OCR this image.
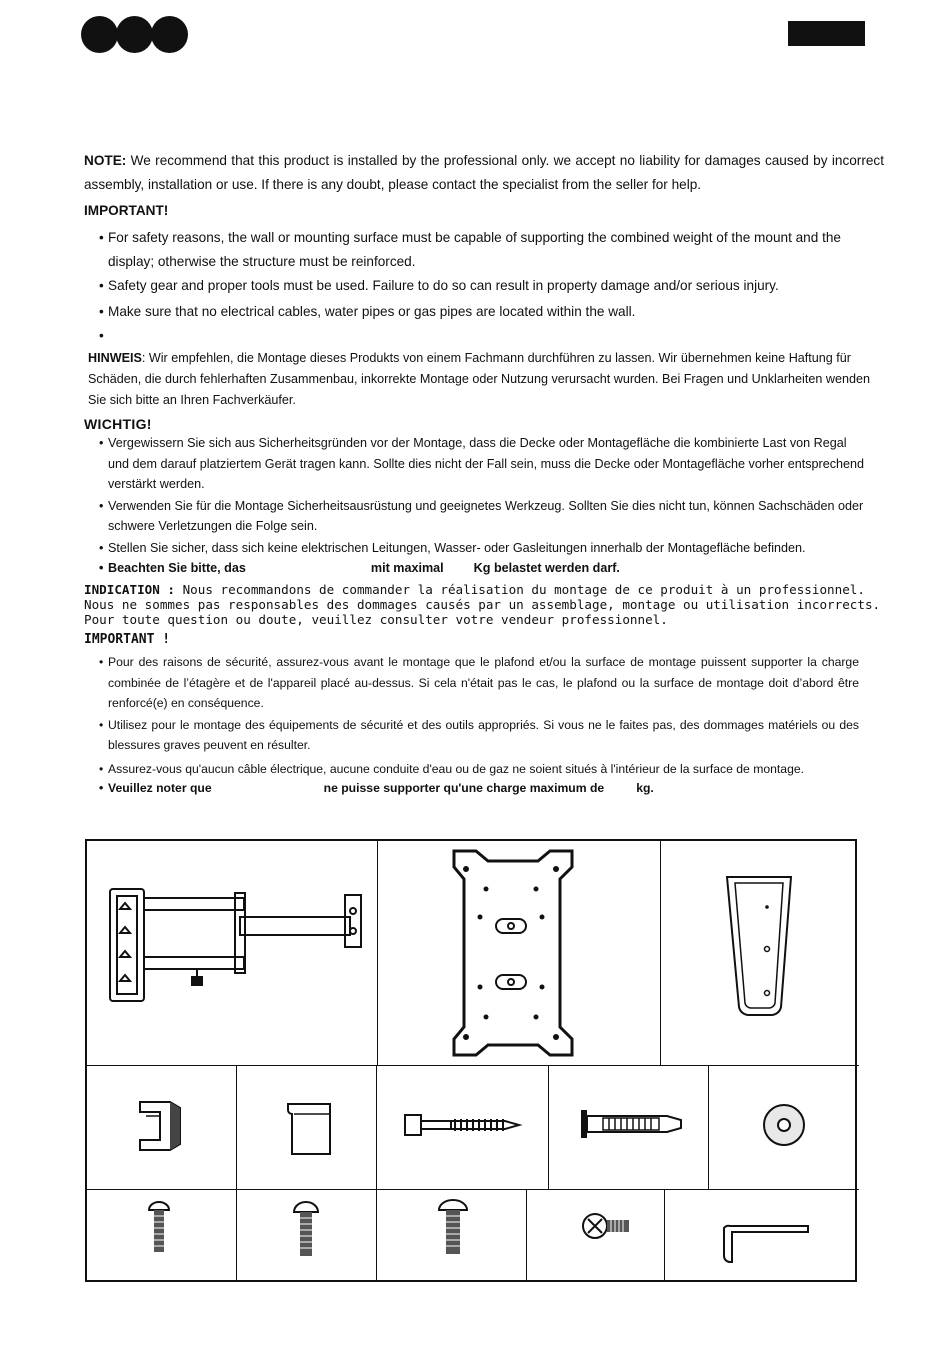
NOTE: We recommend that this product is installed by the professional only. we accept no liability for damages caused by incorrect assembly, installation or use. If there is any doubt, please contact the specialist from the seller for help.
IMPORTANT!
• For safety reasons, the wall or mounting surface must be capable of supporting the combined weight of the mount and the display; otherwise the structure must be reinforced.
• Safety gear and proper tools must be used. Failure to do so can result in property damage and/or serious injury.
• Make sure that no electrical cables, water pipes or gas pipes are located within the wall.
•
HINWEIS: Wir empfehlen, die Montage dieses Produkts von einem Fachmann durchführen zu lassen. Wir übernehmen keine Haftung für Schäden, die durch fehlerhaften Zusammenbau, inkorrekte Montage oder Nutzung verursacht wurden. Bei Fragen und Unklarheiten wenden Sie sich bitte an Ihren Fachverkäufer.
WICHTIG!
• Vergewissern Sie sich aus Sicherheitsgründen vor der Montage, dass die Decke oder Montagefläche die kombinierte Last von Regal und dem darauf platziertem Gerät tragen kann. Sollte dies nicht der Fall sein, muss die Decke oder Montagefläche vorher entsprechend verstärkt werden.
• Verwenden Sie für die Montage Sicherheitsausrüstung und geeignetes Werkzeug. Sollten Sie dies nicht tun, können Sachschäden oder schwere Verletzungen die Folge sein.
• Stellen Sie sicher, dass sich keine elektrischen Leitungen, Wasser- oder Gasleitungen innerhalb der Montagefläche befinden.
• Beachten Sie bitte, das	mit maximal Kg belastet werden darf.
INDICATION : Nous recommandons de commander la réalisation du montage de ce produit à un professionnel. Nous ne sommes pas responsables des dommages causés par un assemblage, montage ou utilisation incorrects. Pour toute question ou doute, veuillez consulter votre vendeur professionnel.
IMPORTANT !
• Pour des raisons de sécurité, assurez-vous avant le montage que le plafond et/ou la surface de montage puissent supporter la charge combinée de l’étagère et de l'appareil placé au-dessus. Si cela n'était pas le cas, le plafond ou la surface de montage doit d’abord être renforcé(e) en conséquence.
• Utilisez pour le montage des équipements de sécurité et des outils appropriés. Si vous ne le faites pas, des dommages matériels ou des blessures graves peuvent en résulter.
• Assurez-vous qu'aucun câble électrique, aucune conduite d'eau ou de gaz ne soient situés à l'intérieur de la surface de montage.
• Veuillez noter que	ne puisse supporter qu'une charge maximum de	kg.
